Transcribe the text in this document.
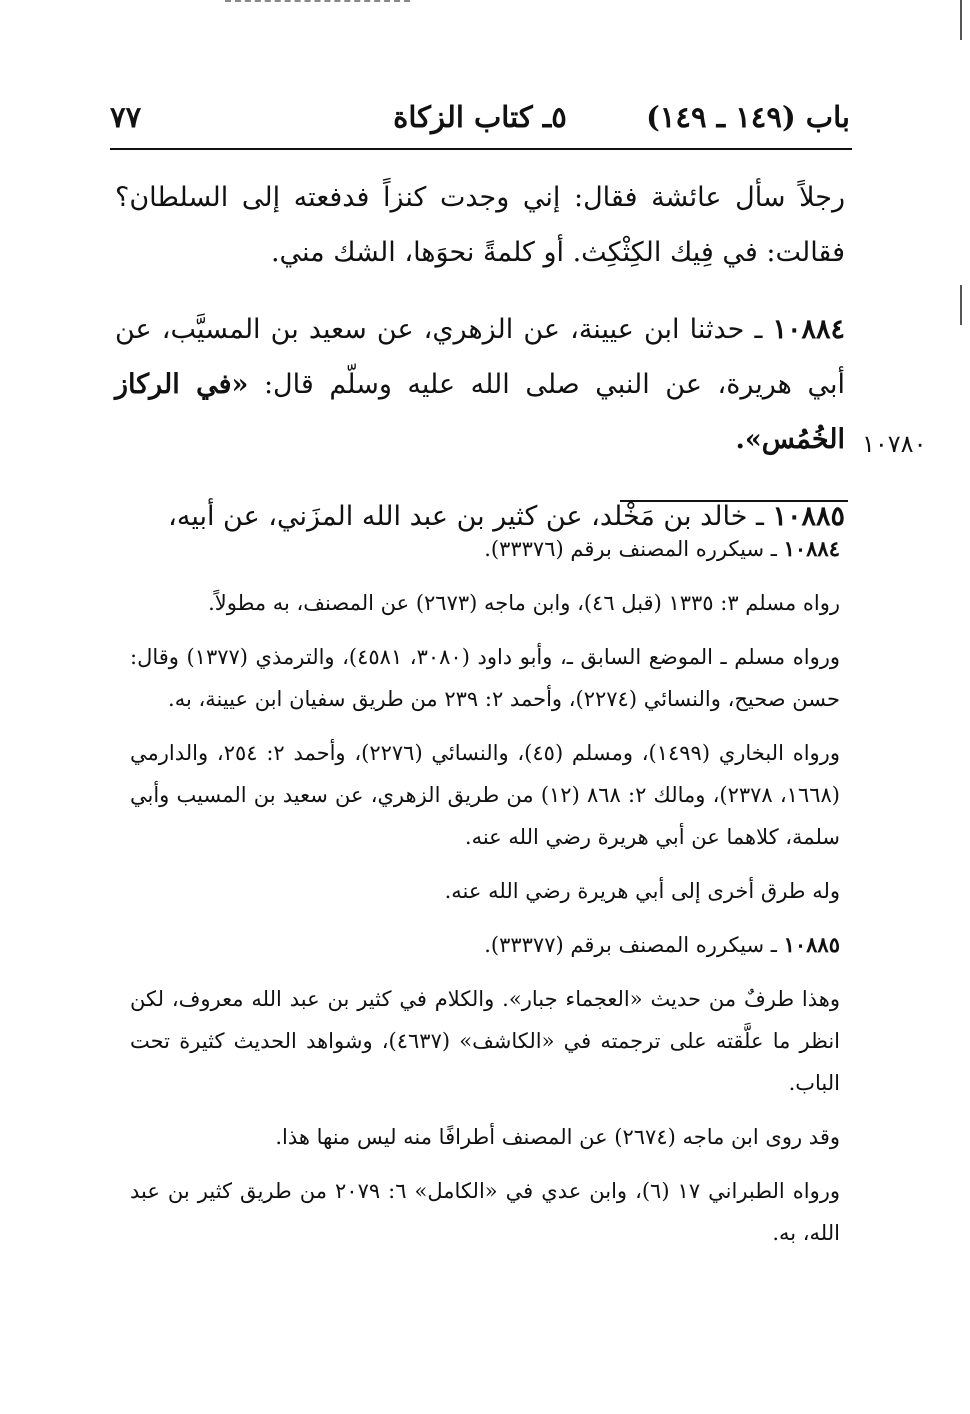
باب (١٤٩ ـ ١٤٩)
٥ـ كتاب الزكاة
٧٧

رجلاً سأل عائشة فقال: إني وجدت كنزاً فدفعته إلى السلطان؟ فقالت: في فِيك الكِثْكِث. أو كلمةً نحوَها، الشك مني.

١٠٨٨٤ ـ حدثنا ابن عيينة، عن الزهري، عن سعيد بن المسيَّب، عن أبي هريرة، عن النبي صلى الله عليه وسلّم قال: «في الركاز الخُمُس».

١٠٨٨٥ ـ خالد بن مَخْلد، عن كثير بن عبد الله المزَني، عن أبيه،

١٠٧٨٠

١٠٨٨٤ ـ سيكرره المصنف برقم (٣٣٣٧٦).

رواه مسلم ٣: ١٣٣٥ (قبل ٤٦)، وابن ماجه (٢٦٧٣) عن المصنف، به مطولاً.

ورواه مسلم ـ الموضع السابق ـ، وأبو داود (٣٠٨٠، ٤٥٨١)، والترمذي (١٣٧٧) وقال: حسن صحيح، والنسائي (٢٢٧٤)، وأحمد ٢: ٢٣٩ من طريق سفيان ابن عيينة، به.

ورواه البخاري (١٤٩٩)، ومسلم (٤٥)، والنسائي (٢٢٧٦)، وأحمد ٢: ٢٥٤، والدارمي (١٦٦٨، ٢٣٧٨)، ومالك ٢: ٨٦٨ (١٢) من طريق الزهري، عن سعيد بن المسيب وأبي سلمة، كلاهما عن أبي هريرة رضي الله عنه.

وله طرق أخرى إلى أبي هريرة رضي الله عنه.

١٠٨٨٥ ـ سيكرره المصنف برقم (٣٣٣٧٧).

وهذا طرفٌ من حديث «العجماء جبار». والكلام في كثير بن عبد الله معروف، لكن انظر ما علَّقته على ترجمته في «الكاشف» (٤٦٣٧)، وشواهد الحديث كثيرة تحت الباب.

وقد روى ابن ماجه (٢٦٧٤) عن المصنف أطرافًا منه ليس منها هذا.

ورواه الطبراني ١٧ (٦)، وابن عدي في «الكامل» ٦: ٢٠٧٩ من طريق كثير بن عبد الله، به.
